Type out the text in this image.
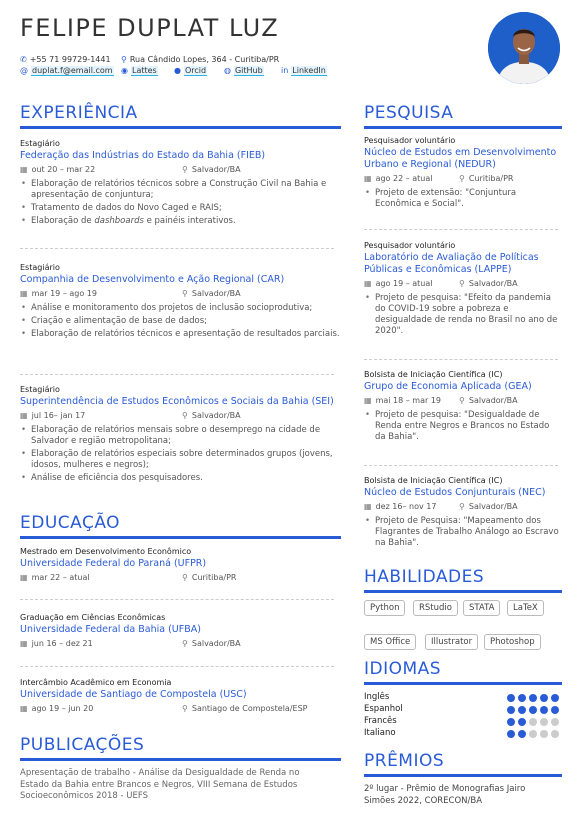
FELIPE DUPLAT LUZ
✆ +55 71 99729-1441 ⚲ Rua Cândido Lopes, 364 - Curitiba/PR
@ duplat.f@email.com ◉ Lattes ● Orcid ◍ GitHub in LinkedIn
EXPERIÊNCIA
Estagiário
Federação das Indústrias do Estado da Bahia (FIEB)
▦ out 20 – mar 22	⚲ Salvador/BA
• Elaboração de relatórios técnicos sobre a Construção Civil na Bahia e apresentação de conjuntura;
• Tratamento de dados do Novo Caged e RAIS;
• Elaboração de dashboards e painéis interativos.
Estagiário
Companhia de Desenvolvimento e Ação Regional (CAR)
▦ mar 19 – ago 19	⚲ Salvador/BA
• Análise e monitoramento dos projetos de inclusão socioprodutiva;
• Criação e alimentação de base de dados;
• Elaboração de relatórios técnicos e apresentação de resultados parciais.
Estagiário
Superintendência de Estudos Econômicos e Sociais da Bahia (SEI)
▦ jul 16– jan 17	⚲ Salvador/BA
• Elaboração de relatórios mensais sobre o desemprego na cidade de Salvador e região metropolitana;
• Elaboração de relatórios especiais sobre determinados grupos (jovens, idosos, mulheres e negros);
• Análise de eficiência dos pesquisadores.
EDUCAÇÃO
Mestrado em Desenvolvimento Econômico
Universidade Federal do Paraná (UFPR)
▦ mar 22 – atual	⚲ Curitiba/PR
Graduação em Ciências Econômicas
Universidade Federal da Bahia (UFBA)
▦ jun 16 – dez 21	⚲ Salvador/BA
Intercâmbio Acadêmico em Economia
Universidade de Santiago de Compostela (USC)
▦ ago 19 – jun 20	⚲ Santiago de Compostela/ESP
PUBLICAÇÕES
Apresentação de trabalho - Análise da Desigualdade de Renda no
Estado da Bahia entre Brancos e Negros, VIII Semana de Estudos
Socioeconômicos 2018 - UEFS
PESQUISA
Pesquisador voluntário
Núcleo de Estudos em Desenvolvimento Urbano e Regional (NEDUR)
▦ ago 22 – atual	⚲ Curitiba/PR
• Projeto de extensão: "Conjuntura Econômica e Social".
Pesquisador voluntário
Laboratório de Avaliação de Políticas Públicas e Econômicas (LAPPE)
▦ ago 19 – atual	⚲ Salvador/BA
• Projeto de pesquisa: "Efeito da pandemia do COVID-19 sobre a pobreza e desigualdade de renda no Brasil no ano de 2020".
Bolsista de Iniciação Científica (IC)
Grupo de Economia Aplicada (GEA)
▦ mai 18 – mar 19 ⚲ Salvador/BA
• Projeto de pesquisa: "Desigualdade de Renda entre Negros e Brancos no Estado da Bahia".
Bolsista de Iniciação Científica (IC)
Núcleo de Estudos Conjunturais (NEC)
▦ dez 16– nov 17	⚲ Salvador/BA
• Projeto de Pesquisa: "Mapeamento dos Flagrantes de Trabalho Análogo ao Escravo na Bahia".
HABILIDADES
Python	RStudio	STATA	LaTeX
MS Office	Illustrator	Photoshop
IDIOMAS
Inglês
Espanhol
Francês
Italiano
PRÊMIOS
2º lugar - Prêmio de Monografias Jairo
Simões 2022, CORECON/BA
